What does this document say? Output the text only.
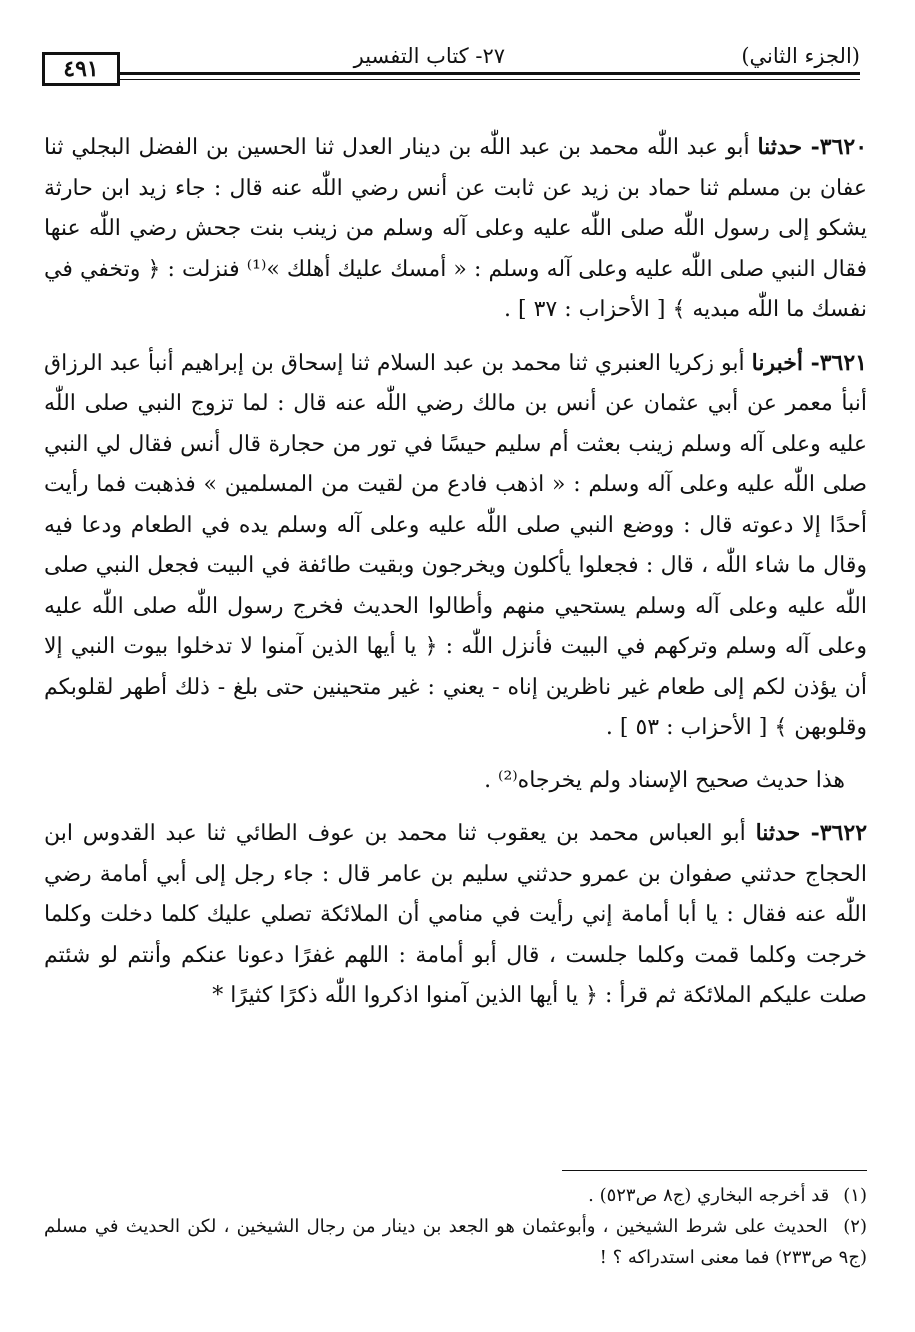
(الجزء الثاني)
٢٧- كتاب التفسير
٤٩١

٣٦٢٠- حدثنا أبو عبد اللّٰه محمد بن عبد اللّٰه بن دينار العدل ثنا الحسين بن الفضل البجلي ثنا عفان بن مسلم ثنا حماد بن زيد عن ثابت عن أنس رضي اللّٰه عنه قال : جاء زيد ابن حارثة يشكو إلى رسول اللّٰه صلى اللّٰه عليه وعلى آله وسلم من زينب بنت جحش رضي اللّٰه عنها فقال النبي صلى اللّٰه عليه وعلى آله وسلم : « أمسك عليك أهلك »⁽¹⁾ فنزلت : ﴿ وتخفي في نفسك ما اللّٰه مبديه ﴾ [ الأحزاب : ٣٧ ] .

٣٦٢١- أخبرنا أبو زكريا العنبري ثنا محمد بن عبد السلام ثنا إسحاق بن إبراهيم أنبأ عبد الرزاق أنبأ معمر عن أبي عثمان عن أنس بن مالك رضي اللّٰه عنه قال : لما تزوج النبي صلى اللّٰه عليه وعلى آله وسلم زينب بعثت أم سليم حيسًا في تور من حجارة قال أنس فقال لي النبي صلى اللّٰه عليه وعلى آله وسلم : « اذهب فادع من لقيت من المسلمين » فذهبت فما رأيت أحدًا إلا دعوته قال : ووضع النبي صلى اللّٰه عليه وعلى آله وسلم يده في الطعام ودعا فيه وقال ما شاء اللّٰه ، قال : فجعلوا يأكلون ويخرجون وبقيت طائفة في البيت فجعل النبي صلى اللّٰه عليه وعلى آله وسلم يستحيي منهم وأطالوا الحديث فخرج رسول اللّٰه صلى اللّٰه عليه وعلى آله وسلم وتركهم في البيت فأنزل اللّٰه : ﴿ يا أيها الذين آمنوا لا تدخلوا بيوت النبي إلا أن يؤذن لكم إلى طعام غير ناظرين إناه - يعني : غير متحينين حتى بلغ - ذلك أطهر لقلوبكم وقلوبهن ﴾ [ الأحزاب : ٥٣ ] .

هذا حديث صحيح الإسناد ولم يخرجاه⁽²⁾ .

٣٦٢٢- حدثنا أبو العباس محمد بن يعقوب ثنا محمد بن عوف الطائي ثنا عبد القدوس ابن الحجاج حدثني صفوان بن عمرو حدثني سليم بن عامر قال : جاء رجل إلى أبي أمامة رضي اللّٰه عنه فقال : يا أبا أمامة إني رأيت في منامي أن الملائكة تصلي عليك كلما دخلت وكلما خرجت وكلما قمت وكلما جلست ، قال أبو أمامة : اللهم غفرًا دعونا عنكم وأنتم لو شئتم صلت عليكم الملائكة ثم قرأ : ﴿ يا أيها الذين آمنوا اذكروا اللّٰه ذكرًا كثيرًا *

(١) قد أخرجه البخاري (ج٨ ص٥٢٣) .

(٢) الحديث على شرط الشيخين ، وأبوعثمان هو الجعد بن دينار من رجال الشيخين ، لكن الحديث في مسلم (ج٩ ص٢٣٣) فما معنى استدراكه ؟ !
